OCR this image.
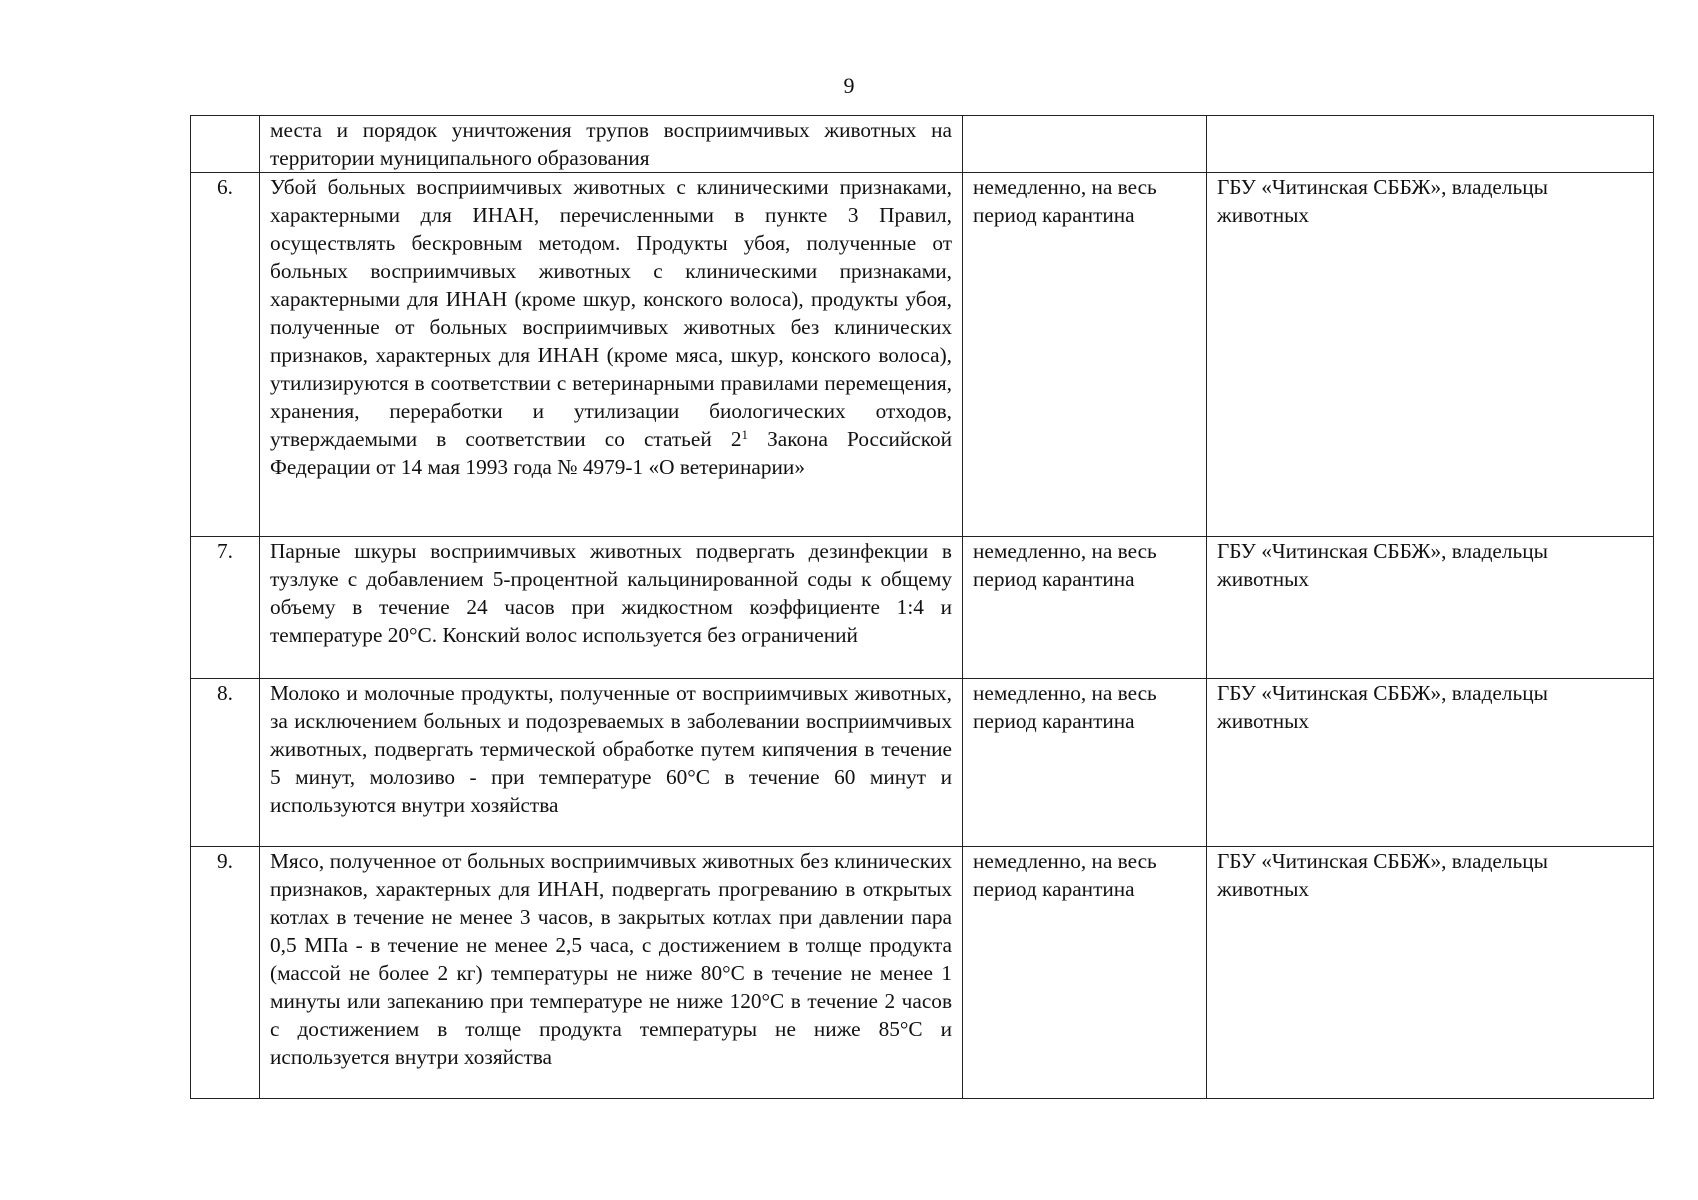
9
	места и порядок уничтожения трупов восприимчивых животных на территории муниципального образования		
6.	Убой больных восприимчивых животных с клиническими признаками, характерными для ИНАН, перечисленными в пункте 3 Правил, осуществлять бескровным методом. Продукты убоя, полученные от больных восприимчивых животных с клиническими признаками, характерными для ИНАН (кроме шкур, конского волоса), продукты убоя, полученные от больных восприимчивых животных без клинических признаков, характерных для ИНАН (кроме мяса, шкур, конского волоса), утилизируются в соответствии с ветеринарными правилами перемещения, хранения, переработки и утилизации биологических отходов, утверждаемыми в соответствии со статьей $2^1$ Закона Российской Федерации от 14 мая 1993 года № 4979-1 «О ветеринарии»	немедленно, на весь период карантина	ГБУ «Читинская СББЖ», владельцы животных
7.	Парные шкуры восприимчивых животных подвергать дезинфекции в тузлуке с добавлением 5-процентной кальцинированной соды к общему объему в течение 24 часов при жидкостном коэффициенте 1:4 и температуре 20°С. Конский волос используется без ограничений	немедленно, на весь период карантина	ГБУ «Читинская СББЖ», владельцы животных
8.	Молоко и молочные продукты, полученные от восприимчивых животных, за исключением больных и подозреваемых в заболевании восприимчивых животных, подвергать термической обработке путем кипячения в течение 5 минут, молозиво - при температуре 60°С в течение 60 минут и используются внутри хозяйства	немедленно, на весь период карантина	ГБУ «Читинская СББЖ», владельцы животных
9.	Мясо, полученное от больных восприимчивых животных без клинических признаков, характерных для ИНАН, подвергать прогреванию в открытых котлах в течение не менее 3 часов, в закрытых котлах при давлении пара 0,5 МПа - в течение не менее 2,5 часа, с достижением в толще продукта (массой не более 2 кг) температуры не ниже 80°С в течение не менее 1 минуты или запеканию при температуре не ниже 120°С в течение 2 часов с достижением в толще продукта температуры не ниже 85°С и используется внутри хозяйства	немедленно, на весь период карантина	ГБУ «Читинская СББЖ», владельцы животных
